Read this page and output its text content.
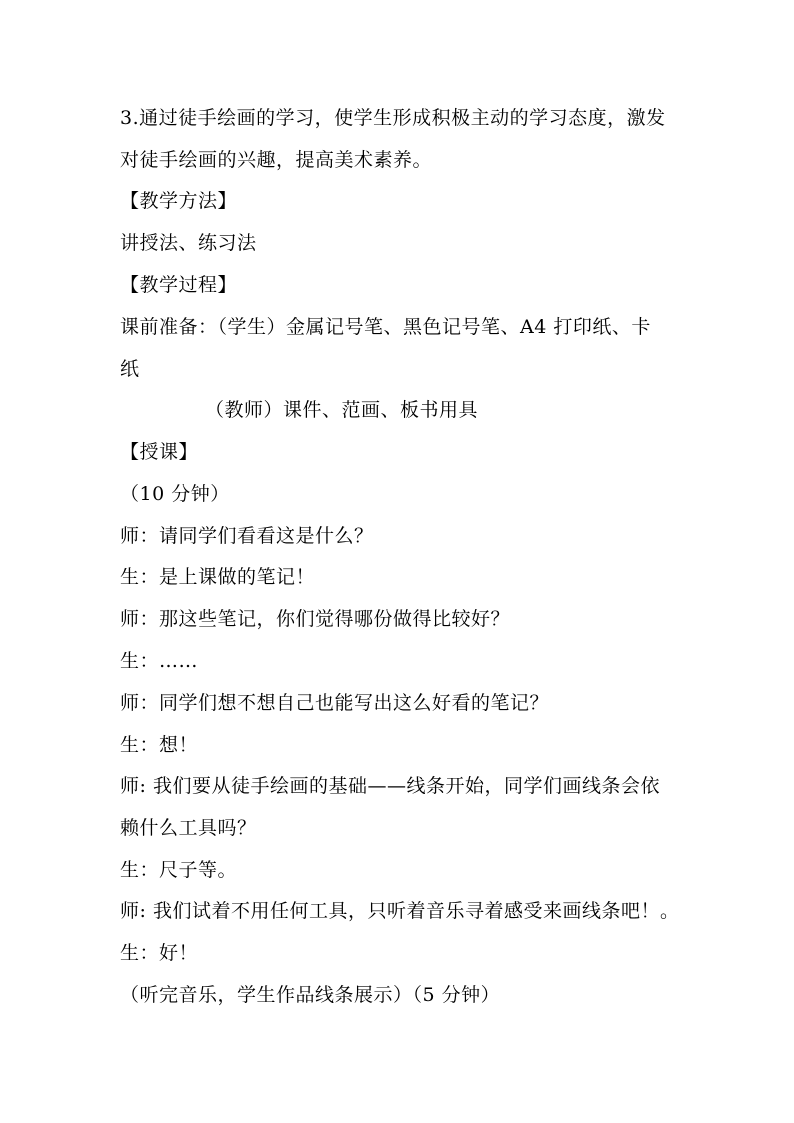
3.通过徒手绘画的学习，使学生形成积极主动的学习态度，激发
对徒手绘画的兴趣，提高美术素养。
【教学方法】
讲授法、练习法
【教学过程】
课前准备：（学生）金属记号笔、黑色记号笔、A4 打印纸、卡
纸
（教师）课件、范画、板书用具
【授课】
（10 分钟）
师：请同学们看看这是什么？
生：是上课做的笔记！
师：那这些笔记，你们觉得哪份做得比较好？
生：……
师：同学们想不想自己也能写出这么好看的笔记？
生：想！
师: 我们要从徒手绘画的基础——线条开始，同学们画线条会依
赖什么工具吗？
生：尺子等。
师: 我们试着不用任何工具，只听着音乐寻着感受来画线条吧！。
生：好！
（听完音乐，学生作品线条展示）（5 分钟）
